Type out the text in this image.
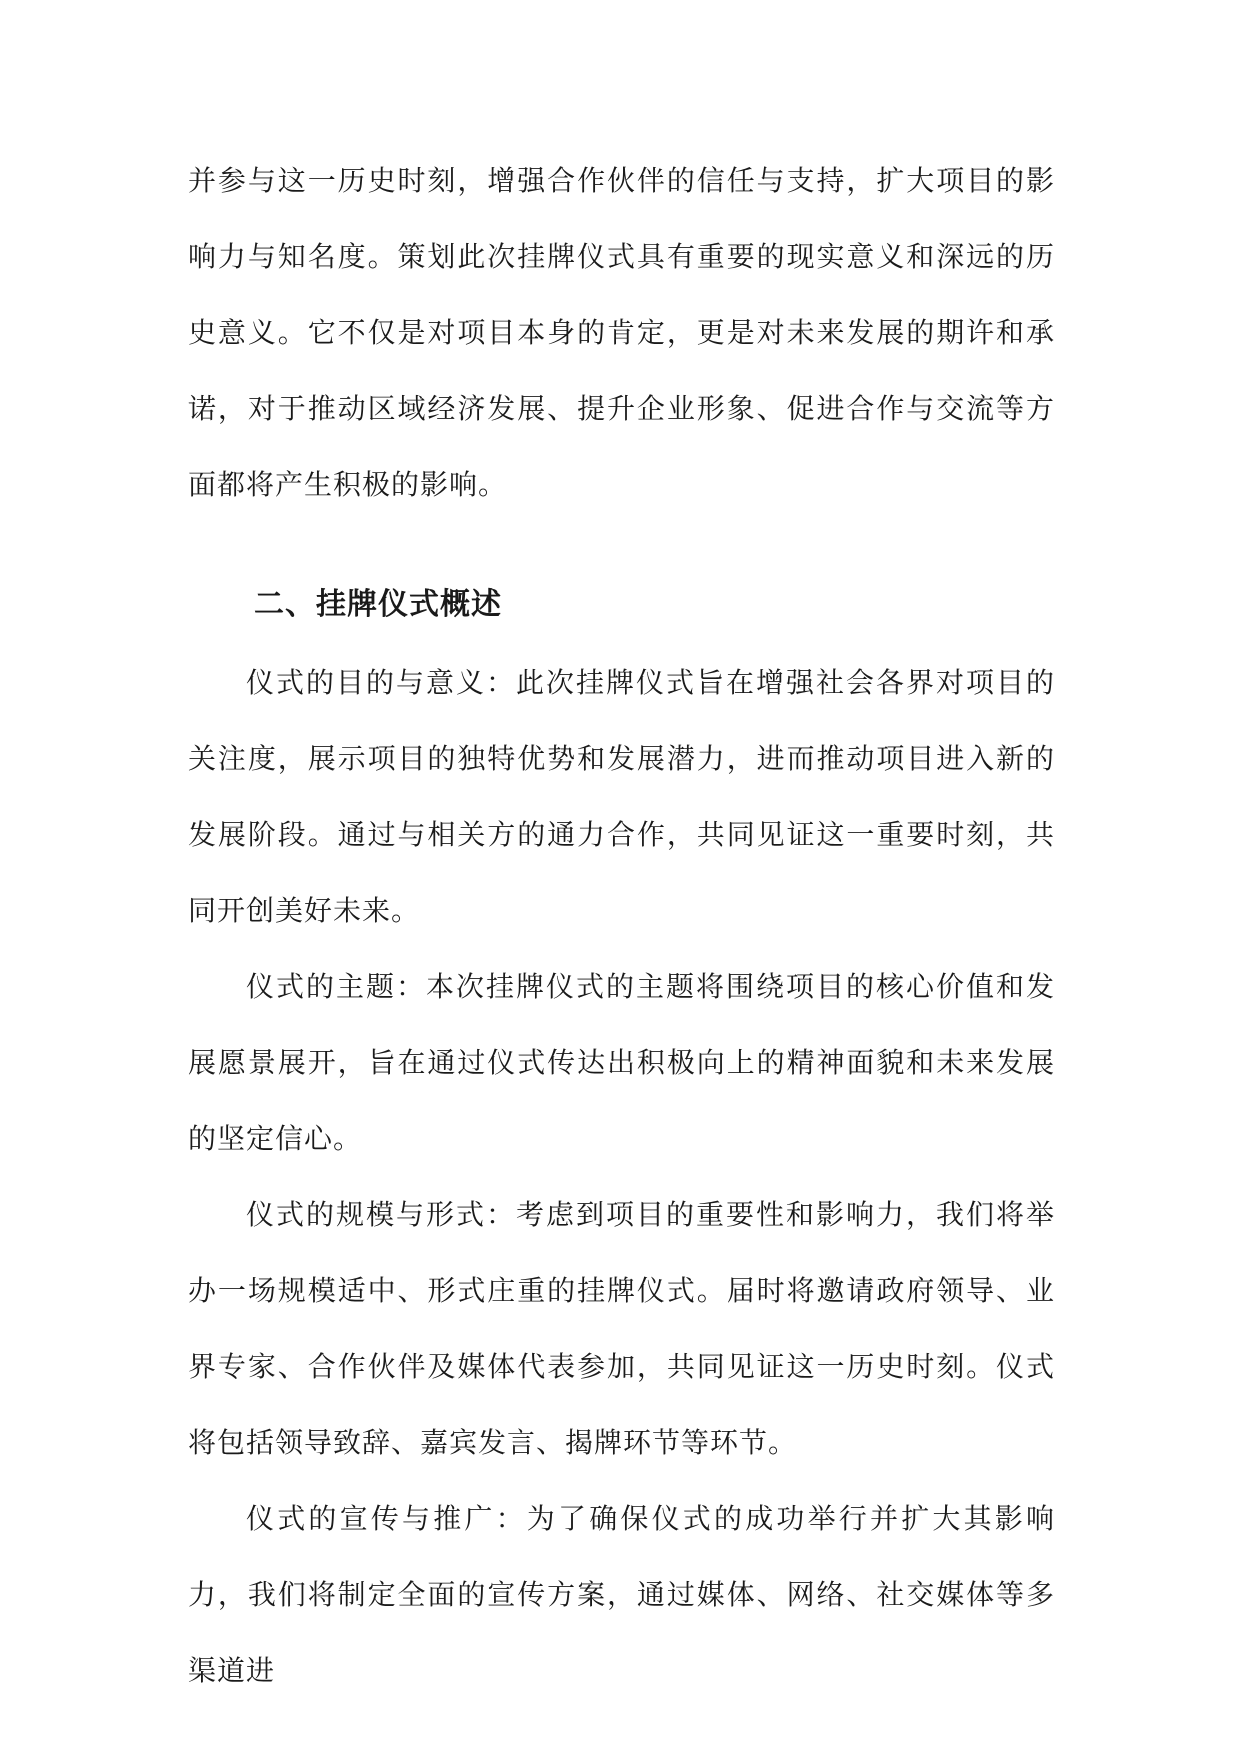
并参与这一历史时刻，增强合作伙伴的信任与支持，扩大项目的影响力与知名度。策划此次挂牌仪式具有重要的现实意义和深远的历史意义。它不仅是对项目本身的肯定，更是对未来发展的期许和承诺，对于推动区域经济发展、提升企业形象、促进合作与交流等方面都将产生积极的影响。

二、挂牌仪式概述

仪式的目的与意义：此次挂牌仪式旨在增强社会各界对项目的关注度，展示项目的独特优势和发展潜力，进而推动项目进入新的发展阶段。通过与相关方的通力合作，共同见证这一重要时刻，共同开创美好未来。

仪式的主题：本次挂牌仪式的主题将围绕项目的核心价值和发展愿景展开，旨在通过仪式传达出积极向上的精神面貌和未来发展的坚定信心。

仪式的规模与形式：考虑到项目的重要性和影响力，我们将举办一场规模适中、形式庄重的挂牌仪式。届时将邀请政府领导、业界专家、合作伙伴及媒体代表参加，共同见证这一历史时刻。仪式将包括领导致辞、嘉宾发言、揭牌环节等环节。

仪式的宣传与推广：为了确保仪式的成功举行并扩大其影响力，我们将制定全面的宣传方案，通过媒体、网络、社交媒体等多渠道进
